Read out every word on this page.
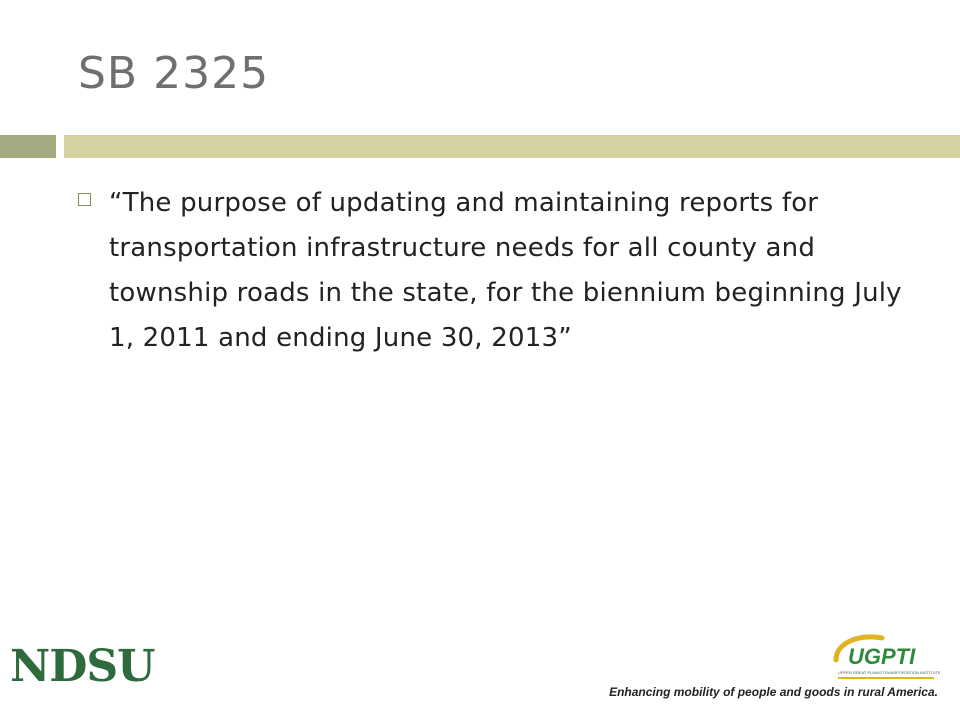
SB 2325
“The purpose of updating and maintaining reports for transportation infrastructure needs for all county and township roads in the state, for the biennium beginning July 1, 2011 and ending June 30, 2013”
NDSU	UGPTI
UPPER GREAT PLAINS TRANSPORTATION INSTITUTE
Enhancing mobility of people and goods in rural America.
